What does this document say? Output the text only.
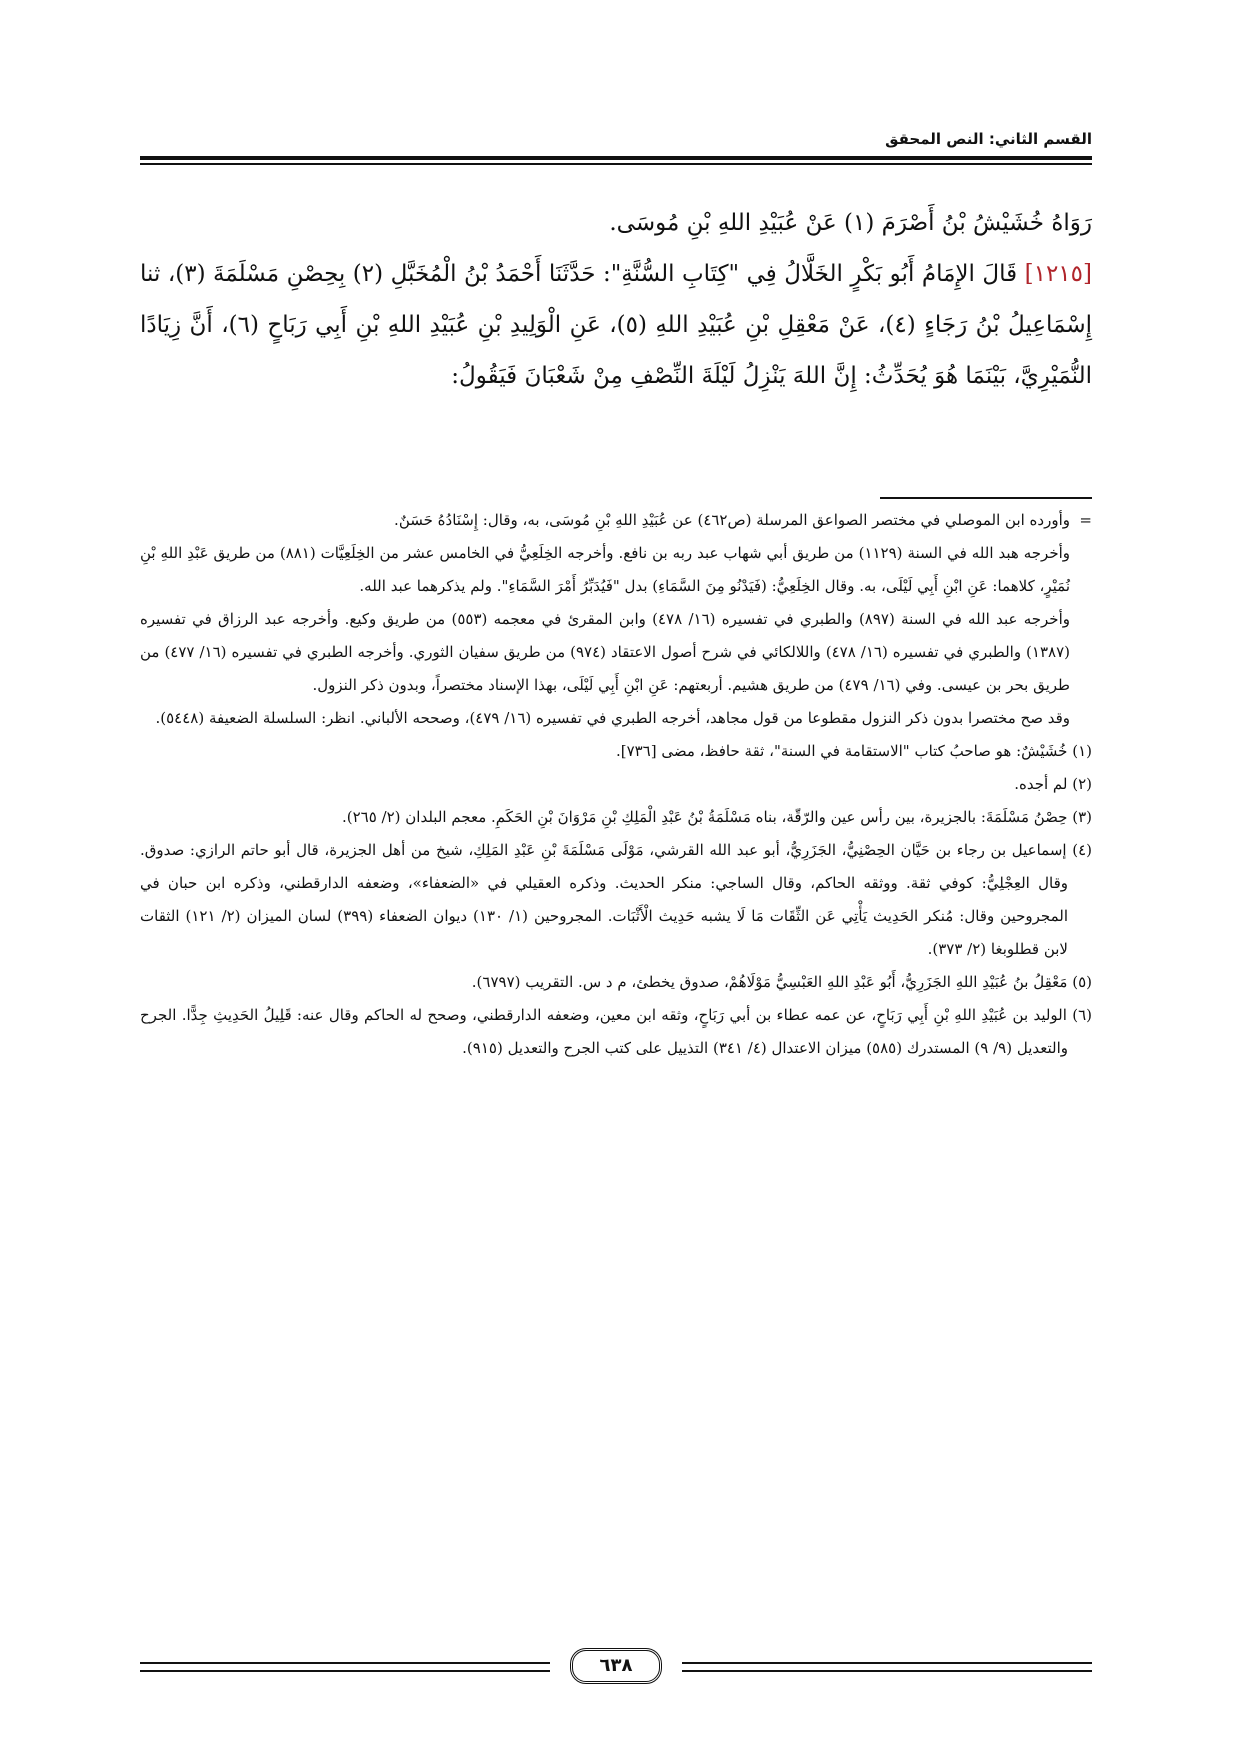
القسم الثاني: النص المحقق

رَوَاهُ خُشَيْشُ بْنُ أَصْرَمَ (١) عَنْ عُبَيْدِ اللهِ بْنِ مُوسَى.

[١٢١٥] قَالَ الإِمَامُ أَبُو بَكْرٍ الخَلَّالُ فِي "كِتَابِ السُّنَّةِ": حَدَّثَنَا أَحْمَدُ بْنُ الْمُخَبَّلِ (٢) بِحِصْنِ مَسْلَمَةَ (٣)، ثنا إِسْمَاعِيلُ بْنُ رَجَاءٍ (٤)، عَنْ مَعْقِلِ بْنِ عُبَيْدِ اللهِ (٥)، عَنِ الْوَلِيدِ بْنِ عُبَيْدِ اللهِ بْنِ أَبِي رَبَاحٍ (٦)، أَنَّ زِيَادًا النُّمَيْرِيَّ، بَيْنَمَا هُوَ يُحَدِّثُ: إِنَّ اللهَ يَنْزِلُ لَيْلَةَ النِّصْفِ مِنْ شَعْبَانَ فَيَقُولُ:

=
وأورده ابن الموصلي في مختصر الصواعق المرسلة (ص٤٦٢) عن عُبَيْدِ اللهِ بْنِ مُوسَى، به، وقال: إِسْنَادُهُ حَسَنٌ.

وأخرجه هبد الله في السنة (١١٢٩) من طريق أبي شهاب عبد ربه بن نافع. وأخرجه الخِلَعِيُّ في الخامس عشر من الخِلَعِيَّات (٨٨١) من طريق عَبْدِ اللهِ بْنِ نُمَيْرٍ، كلاهما: عَنِ ابْنِ أَبِي لَيْلَى، به. وقال الخِلَعِيُّ: (فَيَدْنُو مِنَ السَّمَاءِ) بدل "فَيُدَبِّرُ أَمْرَ السَّمَاءِ". ولم يذكرهما عبد الله.

وأخرجه عبد الله في السنة (٨٩٧) والطبري في تفسيره (١٦/ ٤٧٨) وابن المقرئ في معجمه (٥٥٣) من طريق وكيع. وأخرجه عبد الرزاق في تفسيره (١٣٨٧) والطبري في تفسيره (١٦/ ٤٧٨) واللالكائي في شرح أصول الاعتقاد (٩٧٤) من طريق سفيان الثوري. وأخرجه الطبري في تفسيره (١٦/ ٤٧٧) من طريق بحر بن عيسى. وفي (١٦/ ٤٧٩) من طريق هشيم. أربعتهم: عَنِ ابْنِ أَبِي لَيْلَى، بهذا الإسناد مختصراً، وبدون ذكر النزول.

وقد صح مختصرا بدون ذكر النزول مقطوعا من قول مجاهد، أخرجه الطبري في تفسيره (١٦/ ٤٧٩)، وصححه الألباني. انظر: السلسلة الضعيفة (٥٤٤٨).

(١) خُشَيْشٌ: هو صاحبُ كتاب "الاستقامة في السنة"، ثقة حافظ، مضى [٧٣٦].

(٢) لم أجده.

(٣) حِصْنُ مَسْلَمَةَ: بالجزيرة، بين رأس عين والرّقّة، بناه مَسْلَمَةُ بْنُ عَبْدِ الْمَلِكِ بْنِ مَرْوَانَ بْنِ الحَكَمِ. معجم البلدان (٢/ ٢٦٥).

(٤) إسماعيل بن رجاء بن حَيَّان الحِصْنِيُّ، الجَزَرِيُّ، أبو عبد الله القرشي، مَوْلَى مَسْلَمَةَ بْنِ عَبْدِ المَلِكِ، شيخ من أهل الجزيرة، قال أبو حاتم الرازي: صدوق. وقال العِجْلِيُّ: كوفي ثقة. ووثقه الحاكم، وقال الساجي: منكر الحديث. وذكره العقيلي في «الضعفاء»، وضعفه الدارقطني، وذكره ابن حبان في المجروحين وقال: مُنكر الحَدِيث يَأْتِي عَن الثِّقَات مَا لَا يشبه حَدِيث الْأَثْبَات. المجروحين (١/ ١٣٠) ديوان الضعفاء (٣٩٩) لسان الميزان (٢/ ١٢١) الثقات لابن قطلوبغا (٢/ ٣٧٣).

(٥) مَعْقِلُ بنُ عُبَيْدِ اللهِ الجَزَرِيُّ، أَبُو عَبْدِ اللهِ العَبْسِيُّ مَوْلَاهُمْ، صدوق يخطئ، م د س. التقريب (٦٧٩٧).

(٦) الوليد بن عُبَيْدِ اللهِ بْنِ أَبِي رَبَاحٍ، عن عمه عطاء بن أبي رَبَاحٍ، وثقه ابن معين، وضعفه الدارقطني، وصحح له الحاكم وقال عنه: قَلِيلُ الحَدِيثِ جِدًّا. الجرح والتعديل (٩/ ٩) المستدرك (٥٨٥) ميزان الاعتدال (٤/ ٣٤١) التذييل على كتب الجرح والتعديل (٩١٥).

٦٣٨
